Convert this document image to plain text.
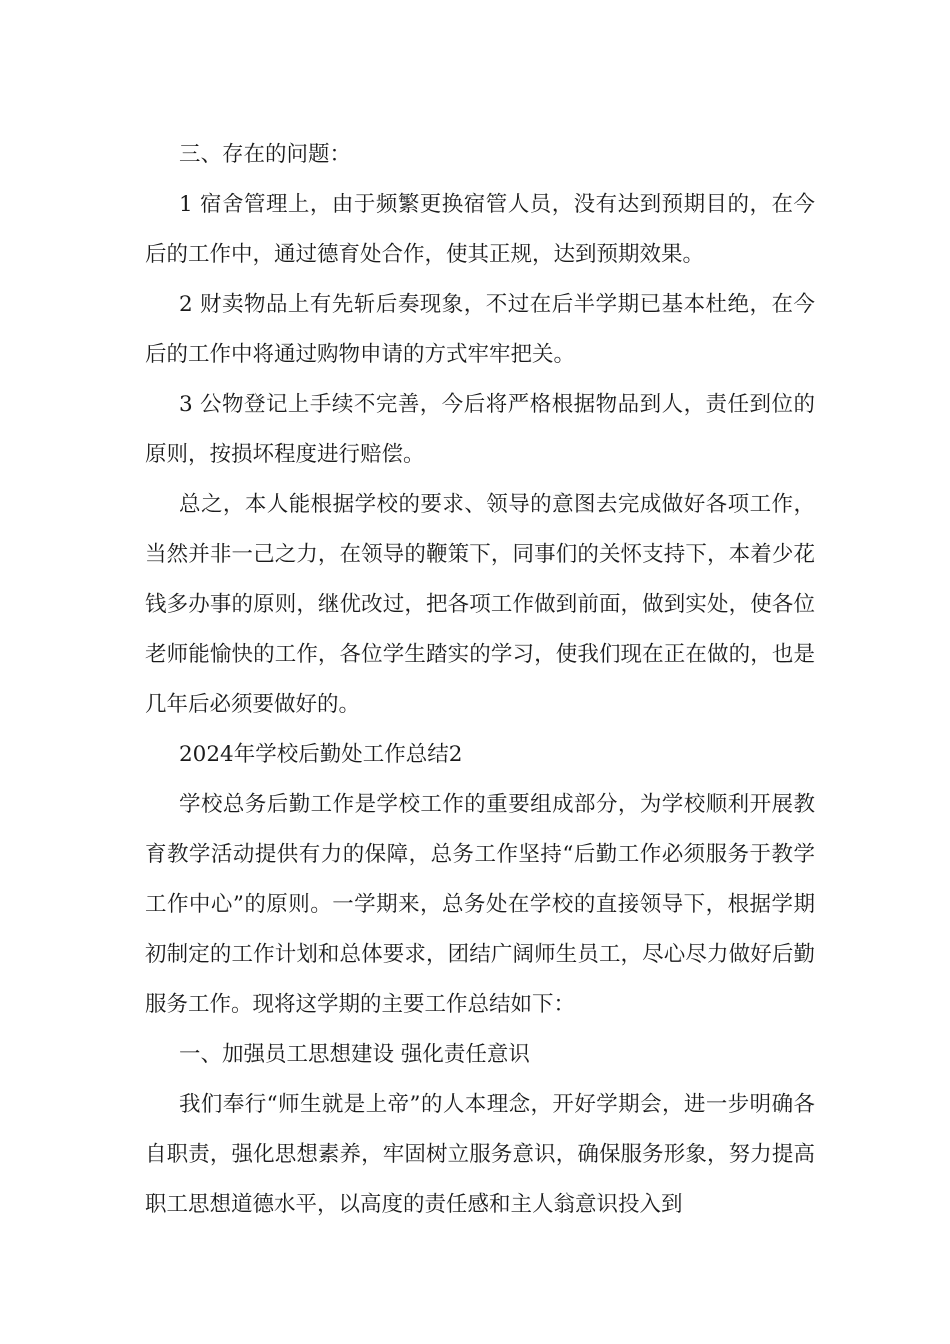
三、存在的问题：

1 宿舍管理上，由于频繁更换宿管人员，没有达到预期目的，在今后的工作中，通过德育处合作，使其正规，达到预期效果。

2 财卖物品上有先斩后奏现象，不过在后半学期已基本杜绝，在今后的工作中将通过购物申请的方式牢牢把关。

3 公物登记上手续不完善，今后将严格根据物品到人，责任到位的原则，按损坏程度进行赔偿。

总之，本人能根据学校的要求、领导的意图去完成做好各项工作，当然并非一己之力，在领导的鞭策下，同事们的关怀支持下，本着少花钱多办事的原则，继优改过，把各项工作做到前面，做到实处，使各位老师能愉快的工作，各位学生踏实的学习，使我们现在正在做的，也是几年后必须要做好的。

2024年学校后勤处工作总结2

学校总务后勤工作是学校工作的重要组成部分，为学校顺利开展教育教学活动提供有力的保障，总务工作坚持“后勤工作必须服务于教学工作中心”的原则。一学期来，总务处在学校的直接领导下，根据学期初制定的工作计划和总体要求，团结广阔师生员工，尽心尽力做好后勤服务工作。现将这学期的主要工作总结如下：

一、加强员工思想建设 强化责任意识

我们奉行“师生就是上帝”的人本理念，开好学期会，进一步明确各自职责，强化思想素养，牢固树立服务意识，确保服务形象，努力提高职工思想道德水平，以高度的责任感和主人翁意识投入到
